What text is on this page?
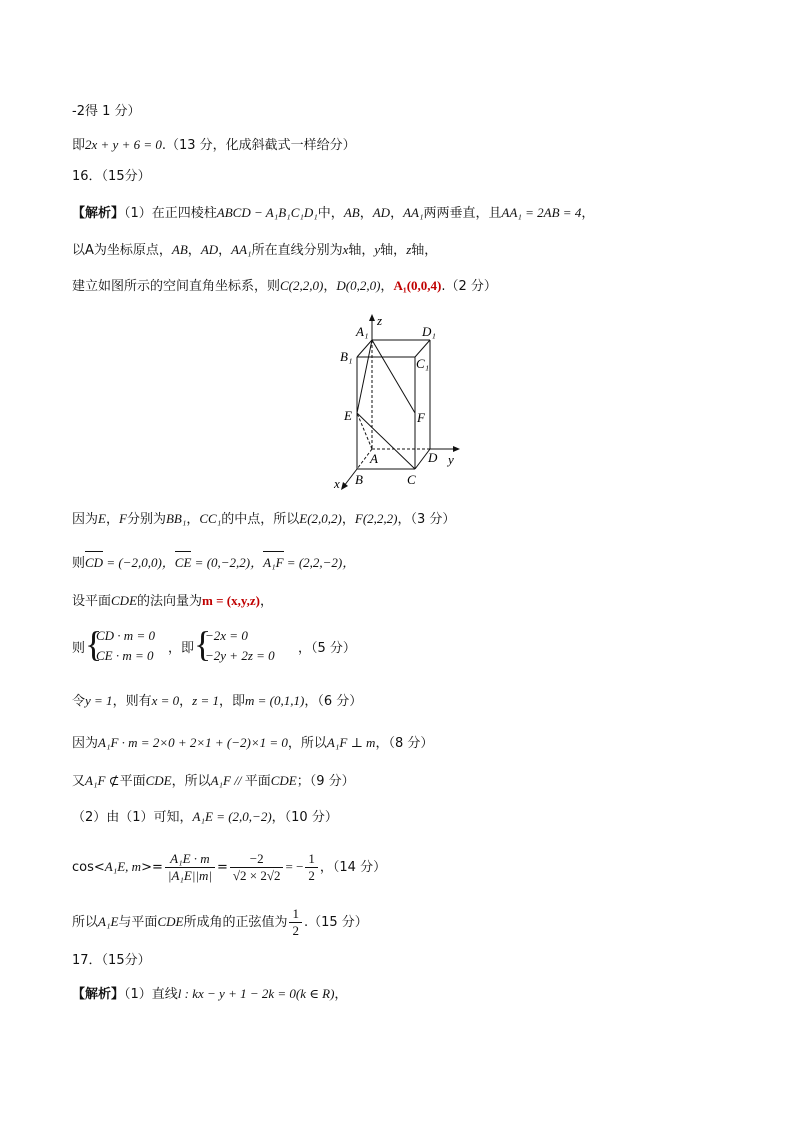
-2得 1 分）
即2x + y + 6 = 0.（13 分，化成斜截式一样给分）
16．（15分）
【解析】（1）在正四棱柱ABCD − A₁B₁C₁D₁中，AB，AD，AA₁两两垂直，且AA₁ = 2AB = 4，
以A为坐标原点，AB，AD，AA₁所在直线分别为x轴，y轴，z轴，
建立如图所示的空间直角坐标系，则C(2,2,0)，D(0,2,0)，A₁(0,0,4).（2 分）
A₁
z
D₁
B₁	C₁
E	F
A	D y
x B	C
因为E，F分别为BB₁，CC₁的中点，所以E(2,0,2)，F(2,2,2)，（3 分）
则CD = (−2,0,0)，CE = (0,−2,2)，A₁F = (2,2,−2)，
设平面CDE的法向量为m = (x,y,z)，
则 {
CD · m = 0
CE · m = 0 ，即 {
−2x = 0
−2y + 2z = 0 ，（5 分）
令y = 1，则有x = 0，z = 1，即m = (0,1,1)，（6 分）
因为A₁F · m = 2×0 + 2×1 + (−2)×1 = 0，所以A₁F ⊥ m，（8 分）
又A₁F ⊄平面CDE，所以A₁F // 平面CDE；（9 分）
（2）由（1）可知，A₁E = (2,0,−2)，（10 分）
cos<A₁E, $m>= \frac{\text{A₁E · m}}{\text{|A₁E||m|}} = \frac{-2}{√2 \times 2√2}$ = − $\frac{1}{2}$ ，（14 分）
所以A₁E与平面CDE所成角的正弦值为 $\frac{1}{2} .(15$ 分）
17．（15分）
【解析】（1）直线l : kx − y + 1 − 2k = 0(k ∈ R)，
